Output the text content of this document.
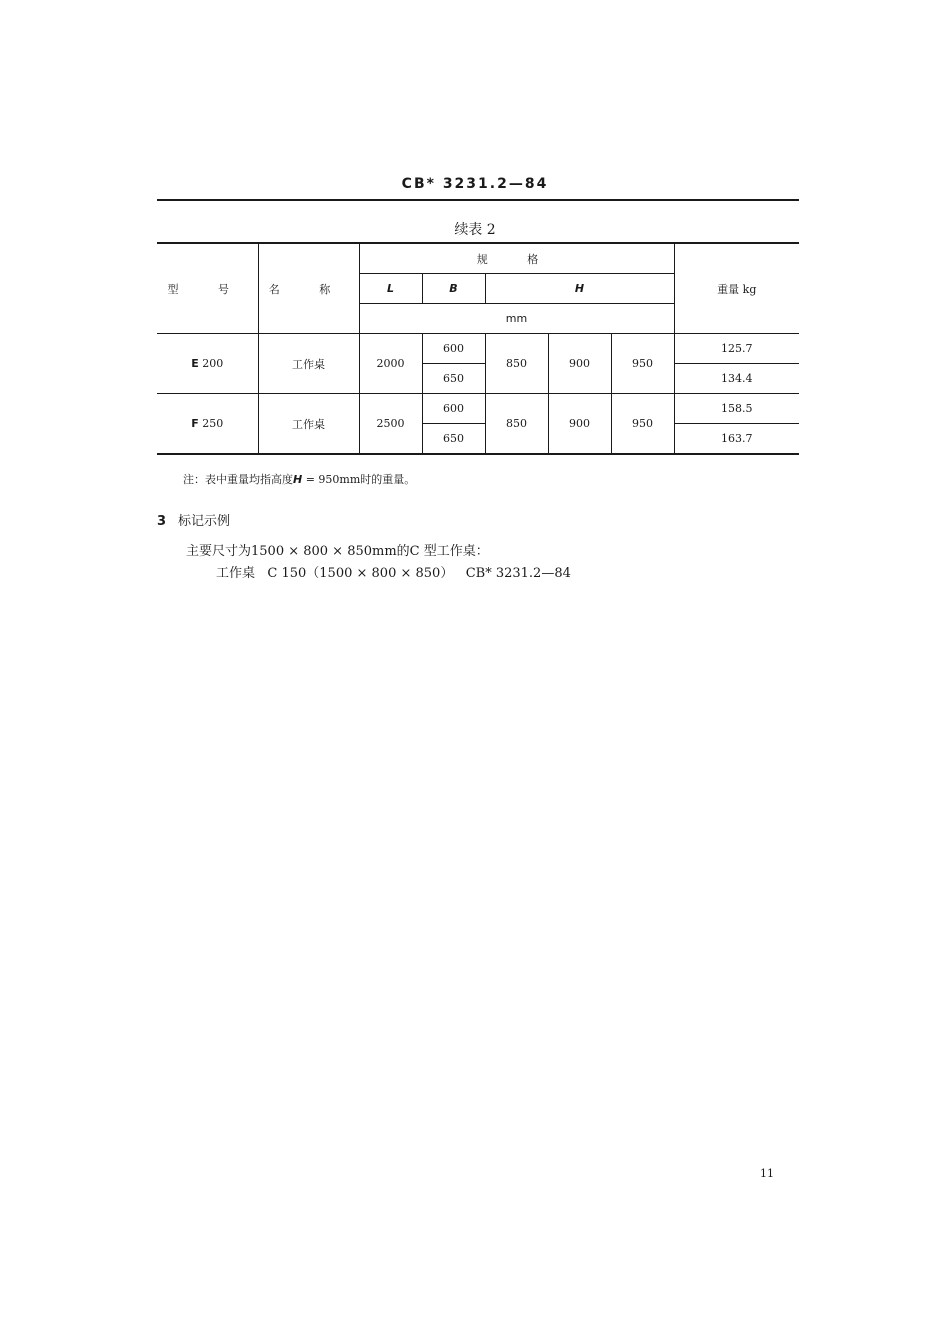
CB* 3231.2—84
续表 2
型 号	名 称	规 格					重量 kg
		L	B	H			
		mm					
E 200	工作桌	2000	600	850	900	950	125.7
			650				134.4
F 250	工作桌	2500	600	850	900	950	158.5
			650				163.7
注：表中重量均指高度H = 950mm时的重量。
3 标记示例
主要尺寸为1500 × 800 × 850mm的C 型工作桌：
工作桌   C 150（1500 × 800 × 850）   CB* 3231.2—84
11
